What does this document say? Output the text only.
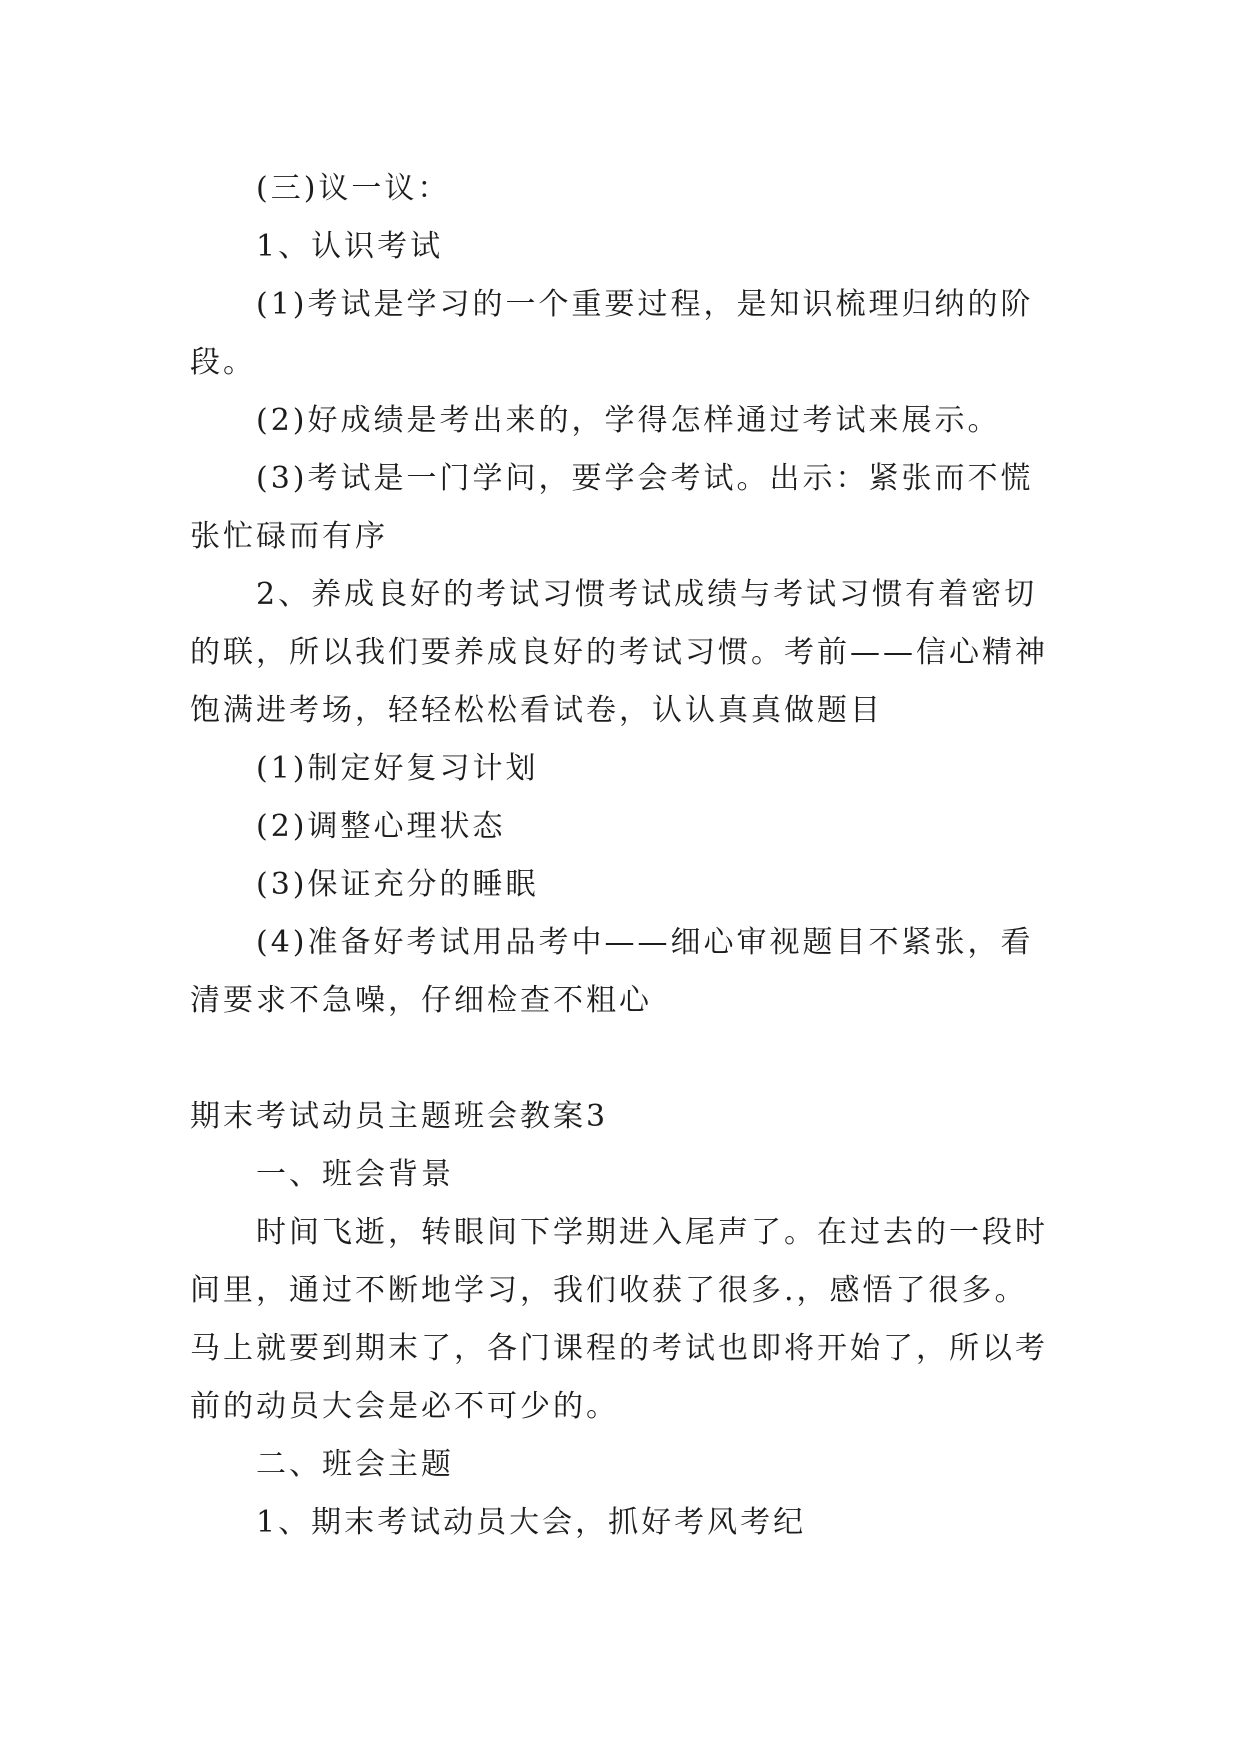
(三)议一议：

1、认识考试

(1)考试是学习的一个重要过程，是知识梳理归纳的阶段。

(2)好成绩是考出来的，学得怎样通过考试来展示。

(3)考试是一门学问，要学会考试。出示：紧张而不慌张忙碌而有序

2、养成良好的考试习惯考试成绩与考试习惯有着密切的联，所以我们要养成良好的考试习惯。考前——信心精神饱满进考场，轻轻松松看试卷，认认真真做题目

(1)制定好复习计划

(2)调整心理状态

(3)保证充分的睡眠

(4)准备好考试用品考中——细心审视题目不紧张，看清要求不急噪，仔细检查不粗心

期末考试动员主题班会教案3

一、班会背景

时间飞逝，转眼间下学期进入尾声了。在过去的一段时间里，通过不断地学习，我们收获了很多.，感悟了很多。马上就要到期末了，各门课程的考试也即将开始了，所以考前的动员大会是必不可少的。

二、班会主题

1、期末考试动员大会，抓好考风考纪
